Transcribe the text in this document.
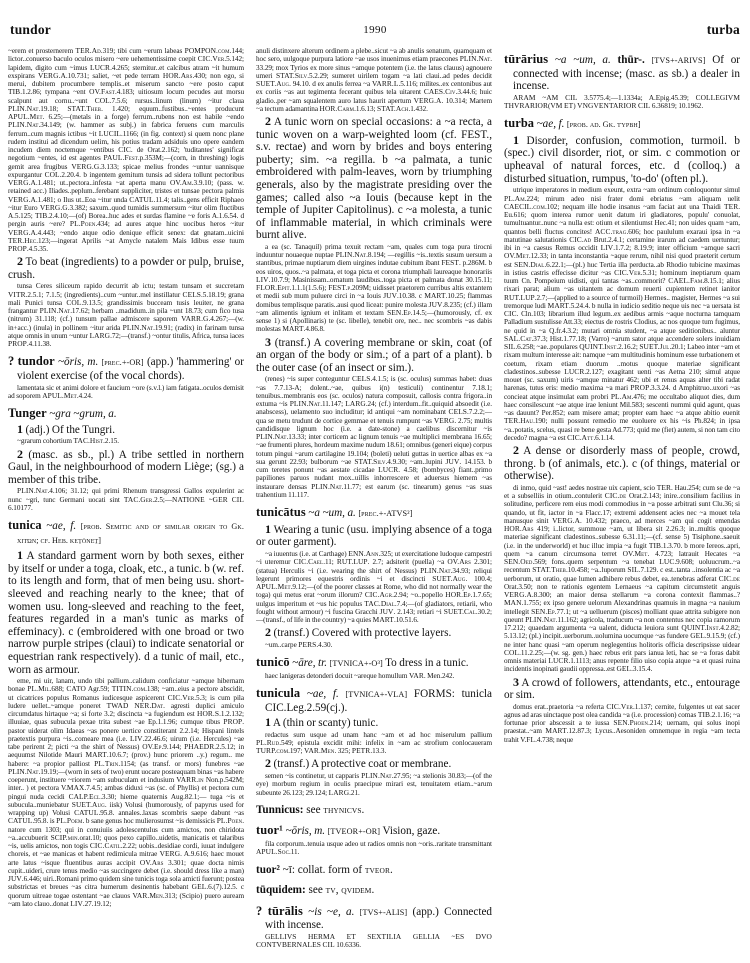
tundor	1990	turba
~erem et prosternerem TER.Ad.319; tibi cum ~erum labeas POMPON.com.144; lictor..conuerso baculo oculos misero ~ere uehementissime coepit CIC.Ver.5.142; lapidem, digito cum ~imus LUCR.4.265; sternitur..et calcibus atram ~it humum exspirans VERG.A.10.731; saliet, ~et pede terram HOR.Ars.430; non ego, si merui, dubitem procumbere templis..et miserum sancto ~ere posto caput TIB.1.2.86; tympana ~ent OV.Fast.4.183; uitiosum locum pecudes aut morsu scalpunt aut cornu..~unt COL.7.5.6; rursus..linum (linum) ~itur claua PLIN.Nat.19.18; STAT.Theb. 1.420; equum..fustibus..~entes producunt APUL.Met. 6.25;—(metals in a forge) ferrum..rubens non est habile ~endo PLIN.Nat.34.149; (w. hammer as subj.) in fabrica feruens cum marculis ferrum..cum magnis ictibus ~it LUCIL.1166; (in fig. context) si quem nonc plane rudem institui ad dicendum uelim, his potius tradam adsiduis uno opere eandem incudem diem noctemque ~entibus CIC. de Orat.2.162; 'tuditantes' significat negotium ~entes, id est agentes PAUL.Fest.p.353M;—(corn, in threshing) logis gemit area frugibus VERG.G.3.133; spicae melius frondes ~untur uannisque expurgantur COL.2.20.4. b ingentem gemitum tunsis ad sidera tollunt pectoribus VERG.A.1.481; ut..pectora..infesta ~at aperta manu OV.Am.3.9.10; (pass. w. retained acc.) Iliades..peplum..ferebant suppliciter, tristes et tunsae pectora palmis VERG.A.1.481; o Ilus ut..Eoa ~itur unda CATUL.11.4; talis..gens efficit Riphaeo ~itur Euro VERG.G.3.382; saxum..quod tumidis summersum ~itur olim fluctibus A.5.125; TIB.2.4.10;—(of) Borea..huc ades et surdas flamine ~e foris A.1.6.54. d pergin auris ~ere? PL.Poen.434; ad aures atque hinc uocibus heros ~itur VERG.A.4.443; ~endo atque odio denique efficit senex: dat gnatam..uicini TER.Hec.123;—ingerat Aprilis ~at Amycle natalem Mais Idibus esse tuum PROP.4.5.35.
2 To beat (ingredients) to a powder or pulp, bruise, crush.
tunsa Ceres siliceum rapido decurrit ab ictu; testam tunsam et succretam VITR.2.5.1; 7.1.5; (ingredients)..cum ~untur..mel instillatur CELS.5.18.19; grana mali Punici tunsa COL.9.13.5; grandissimis bucceam tusis leuiter, ne grana frangantur PLIN.Nat.17.62; herbam ..madidum..in pila ~unt 18.73; cum fico tusa (nitrum) 31.118; (cf.) tunsum pallae admiscere saporem VARR.G.4.267;—(w. in+acc.) (inula) in pollinem ~itur arida PLIN.Nat.19.91; (radix) in farinam tunsa atque omnis in unum ~untur LARG.72;—(transf.) ~ontur titulis, Africa, tunsa iaces PROP.4.11.38.
? tundor ~ōris, m. [prec.+-OR] (app.) 'hammering' or violent exercise (of the vocal chords).
lamentata sic et animi dolore et faucium ~ore (s.v.l.) iam fatigata..oculos demisit ad soporem APUL.Met.4.24.
Tunger ~gra ~grum, a.
1 (adj.) Of the Tungri.
~grarum cohortium TAC.Hist.2.15.
2 (masc. as sb., pl.) A tribe settled in northern Gaul, in the neighbourhood of modern Liège; (sg.) a member of this tribe.
PLIN.Nat.4.106; 31.12; qui primi Rhenum transgressi Gallos expulerint ac nunc ~gri, tunc Germani uocati sint TAC.Ger.2.5;—NATIONE ~GER CIL 6.10177.
tunica ~ae, f. [prob. Semitic and of similar origin to Gk. χιτών; cf. Heb. keṯōneṯ]
1 A standard garment worn by both sexes, either by itself or under a toga, cloak, etc., a tunic. b (w. ref. to its length and form, that of men being usu. short-sleeved and reaching nearly to the knee; that of women usu. long-sleeved and reaching to the feet, features regarded in a man's tunic as marks of effeminacy). c (embroidered with one broad or two narrow purple stripes (claui) to indicate senatorial or equestrian rank respectively). d a tunic of mail, etc., worn as armour.
eme, mi uir, lanam, undo tibi pallium..calidum conficiatur ~amque hibernam bonae PL.Mil.688; CATO Agr.59; TITIN.com.138; ~am..eius a pectore abscidit, ut cicatrices populus Romanus iudicesque aspicerent CIC.Ver.5.3; is cum pila ludere uellet..~amque poneret TWAD NER.Dat. agresti duplici amiculo circumdatus hirtaque ~a; si forte 3.2; discincta ~a fugiendum est HOR.S.1.2.132; illuuiae, quas subucula pexae trita subest ~ae Ep.1.1.96; cumque tibus PROP. pastor uiderat olim Idaeas ~as ponere uertice constiterant 2.2.14; Hispani lintels praetextis purpura ~is..comeare mea (i.e. LIV.22.46.6; uirum (i.e. Hercules) ~ae tabe perirent 2; picti ~a the shirt of Nessus) OV.Ep.9.144; PHAEDR.2.5.12; in aequumst Nilotide Mauri MART.10.6.7; (prov.) hunc priorem ..y.) regum.. me habere: ~a propior palliost PL.Trin.1154; (as transf. or mors) funebres ~ae PLIN.Nat.19.19;—(worn in sets of two) erunt uocare posteaquam binas ~as habere coeperunt, instituere ~riorem ~am subuculam et indusium VARR.in Non.p.542M; inter.. ) et pectora V.MAX.7.4.5; ambas diduxi ~as (sc. of Phyllis) et pectora cum pingui nuda cecidi CALP.Ecl.3.30; hieme quaternis Aug.82.1;— tuga ~is et subucula..muniebatur SUET.Aug. iisk) Volusi (humorously, of papyrus used for wrapping up) Volusi CATUL.95.8. annales..laxas scombris saepe dabunt ~as CATUL.95.8. is PL.Poem. b sane genus hoc mulierosumst ~is demissicis PL.Poen. natore cum 1303; qui in conuiuiis adolescentulus cum amictos, non chiridota ~a..accubuerit SCIP.min.orat.10; quos pexo capillo..uidetis, manicatis et talaribus ~is, uelis amictos, non togis CIC.Catil.2.22; uobis..desidiae cordi, iuuat indulgere choreis, et ~ae manicas et habent redimicula mitrae VERG. A.9.616; haec mouet arte latus ~isque fluentibus auras accipit OV.Ars 3.301; quae docta nimis cupit..uideri, crure tenus medio ~as succingere debet (i.e. should dress like a man) JUV.6.446; uiri..Romani primo quidem sine tunicis toga sola amicti fuerunt; postea substrictas et breues ~as citra humerum desinentis habebant GEL.6.(7).12.5. c quorum uitreae togae ostentant ~ae clauos VAR.Men.313; (Scipio) puero auream ~am lato clauo..donat LIV.27.19.12;
anuli distinxere alterum ordinem a plebe..sicut ~a ab anulis senatum, quamquam et hoc sero, uulgoque purpura latiore ~ae usos inuenimus etiam praecones PLIN.Nat. 33.29; mox Tyrios ex more sinus ~amque potentem (i.e. the latus clauus) agnouere umeri STAT.Silv.5.2.29; sumeret uirilem togam ~a lati claui..ad pedes decidit SUET.Aug. 94.10. d ex anulis ferrea ~a VARR.L.5.116; milites..ex centonibus aut ex coriis ~as aut tegimenta fecerant quibus tela uitarent CAES.Civ.3.44.6; huic gladio..per ~am squalentem auro latus haurit apertum VERG.A. 10.314; Martem ~a tectum adamantina HOR.Carm.1.6.13; STAT.Ach.1.432.
2 A tunic worn on special occasions: a ~a recta, a tunic woven on a warp-weighted loom (cf. FEST., s.v. rectae) and worn by brides and boys entering puberty; sim. ~a regilla. b ~a palmata, a tunic embroidered with palm-leaves, worn by triumphing generals, also by the magistrate presiding over the games; called also ~a Iouis (because kept in the temple of Jupiter Capitolinus). c ~a molesta, a tunic of inflammable material, in which criminals were burnt alive.
a ea (sc. Tanaquil) prima texuit rectam ~am, quales cum toga pura tirocni induuntur nouaeque nuptae PLIN.Nat.8.194; —regillis ~is..textis susum uersum a stantibus, primae nuptiarum diem uirgines indutae cubitum ibant FEST. p.286M. b eos uiros, quos..~a palmata, et toga picta et corona triumphali laureaque honorariis LIV.10.7.9; Masinissam..ornatum laudibus..toga picta et palmata donat 30.15.11; FLOR.Epit.1.1.1(1.5.6); FEST.p.209M; uidisset praetorem curribus altis extantem et medii sub mum puluere circi in ~a Iouis JUV.10.38. c MART.10.25; flammas domibus templisque paratis..ausi quod liceat: punire molesta JUV.8.235; (cf.) illam ~am alimentis ignium et inlitam et textam SEN.Ep.14.5;—(humorously, cf. ex sense 1) si (Apollinaris) te (sc. libelle), tenebit ore, nec.. nec scombris ~as dabis molestas MART.4.86.8.
3 (transf.) A covering membrane or skin, coat (of an organ of the body or sim.; of a part of a plant). b the outer case (of an insect or sim.).
(renes) ~is super conteguntur CELS.4.1.5; is (sc. oculus) summas habet: duas ~as 7.7.13-A; dolent..~ae, quibus i(n) testiculi) continentur 7.18.1; tenuibus..membranis eos (sc. oculos) natura composuit, callosis contra frigora..in extuma ~is PLIN.Nat.11.147; LARG.24; (cf.) interdum..fit..quiquid absoedit (i.e. anabscess), uelamento suo includitur; id antiqui ~am nominabant CELS.7.2.2;—qua se metu trudunt de cortice gemmae et tenuis rumpunt ~as VERG. 2.75; multis candidisque lignum hoc (i.e. a date-stone) a caelibus discernitur ~is PLIN.Nat.13.33; inter corticem ac lignum tenuis ~ae multiplici membrana 16.65; ~ae frumenti plures, hordeum maxime nudum 18.61; omnibus (generi eique) corpus totum pingui ~arum cartilagine 19.104; (boleti) ueluti guttas in uertice albas ex ~a sua gerunt 22.93; bulborum ~ae STAT.Silv.4.9.30; ~am..lupini JUV. 14.153. b cum teretes ponunt ~as aestate cicadae LUCR. 4.58; (bombyces) fiant..primo papiliones paruos nudant mox..uillis inhorrescere et aduersus hiemem ~as instaurare densas PLIN.Nat.11.77; est earum (sc. tinearum) genus ~as suas trahentium 11.117.
tunicātus ~a ~um, a. [prec.+-ATVS²]
1 Wearing a tunic (usu. implying absence of a toga or outer garment).
~a iuuentus (i.e. at Carthage) ENN.Ann.325; ut exercitatione ludoque campestri ~i uteremur CIC.Cael.11; RUT.LUP. 2.7; adsiterit (puella) ~a OV.Ars 2.301; (statua) Herculis ~i (i.e. wearing the shirt of Nessus) PLIN.Nat.34.93; reliqui legerunt primores equestris ordinis ~i et discincti SUET.Aug. 100.4; APUL.Met.9.12;—(of the poorer classes at Rome, who did not normally wear the toga) qui metus erat ~orum illorum? CIC.Agr.2.94; ~o..popello HOR.Ep.1.7.65; uulgus imperitum et ~us hic populus TAC.Dial.7.4;—(of gladiators, retiarii, who fought without armour) ~i fuscina Gracchi JUV. 2.143; retiari ~i SUET.Cal.30.2;—(transf., of life in the country) ~a quies MART.10.51.6.
2 (transf.) Covered with protective layers.
~um..carpe PERS.4.30.
tunicō ~āre, tr. [TVNICA+-O³] To dress in a tunic.
haec lanigeras detonderi docuit ~areque homullum VAR. Men.242.
tunicula ~ae, f. [TVNICA+-VLA] FORMS: tunicla CIC.Leg.2.59(cj.).
1 A (thin or scanty) tunic.
redactus sum usque ad unam hanc ~am et ad hoc miserulum pallium PL.Rud.549; epistula excidit mihi: infelix in ~am ac strofium conlocaueram TURP.com.197; VAR.Men. 325; PETR.13.3.
2 (transf.) A protective coat or membrane.
semen ~is continetur, ut capparis PLIN.Nat.27.95; ~a stelionis 30.83;—(of the eye) morbum regium in oculis praecipue mirari est, tenuitatem etiam..~arum subeunte 26.123; 29.124; LARG.21.
Tunnicus: see THYNICVS.
tuor¹ ~ōris, m. [TVEOR+-OR] Vision, gaze.
fila corporum..tenuia usque adeo ut radios omnis non ~oris..raritate transmittant APUL.Soc.11.
tuor² ~ī: collat. form of TVEOR.
tūquidem: see TV, QVIDEM.
? tūrālis ~is ~e, a. [TVS+-ALIS] (app.) Connected with incense.
GELLIVS HERMA ET SEXTILIA GELLIA ~ES DVO CONTVBERNALES CIL 10.6336.
tūrārius ~a ~um, a. thūr-. [TVS+-ARIVS] Of or connected with incense; (masc. as sb.) a dealer in incense.
ARAM ~AM CIL 3.5775.4;—1.1334a; A.Epig.45.39; COLLEGIVM THVRARIOR(VM ET) VNGVENTARIOR CIL 6.36819; 10.1962.
turba ~ae, f. [prob. ad. Gk. τύρβη]
1 Disorder, confusion, commotion, turmoil. b (spec.) civil disorder, riot, or sim. c commotion or upheaval of natural forces, etc. d (colloq.) a disturbed situation, rumpus, 'to-do' (often pl.).
utrique imperatores in medium exeunt, extra ~am ordinum conloquontur simul PL.Am.224; mirum adeo nisi frater domi ebriatus ~am aliquam uelit CAECIL.com.102; nequam ille hodie insanus ~am faciat aut una Thaidi TER. Eu.616; quom interea rumor uenit datum iri gladiatores, populu' conuolat, tumultuantur..nunc ~a nulla est: otium et silentiumst Hec.41; non uides quam ~am, quantos belli fluctus concites! ACC.trag.606; hoc paululum exaraui ipsa in ~a matutinae salutationis CIC.ad Brut.2.4.1; certamine irarum ad caedem uertuntur; ibi in ~a caesus Remus occidit LIV.1.7.2; 8.19.9; inter officium ~amque sacri OV.Met.12.33; in tanta inconstantia ~aque rerum, nihil nisi quod praeterit certum est SEN.Dial.6.22.1;—(pl.) huc Tertia illa perducta..ab Rhodio tubicine maximas in istius castris effecisse dicitur ~as CIC.Ver.5.31; hominum ineptiarum quam tuum Cn. Pompeium uidisti, qui tantas ~as..commorit? CAEL.Fam.8.15.1; alius rixari parat; alium ~as uitantem ac domum reuerti cupientem retinet ianitor RUT.LUP.2.7;—(applied to a source of turmoil) Hermes.. magister, Hermes ~a sui tremorque ludi MART.5.24.4. b nulla in iudicio seditio neque uis nec ~a uersata ist CIC. Cln.103; librarium illud legum..ex aedibus armis ~aque nocturna tamquam Palladium sustulisse Att.33; eiectus de rostris Clodius, ac nos quoque tum fugimus, ne quid in ~a Q.fr.4.3.2; mutari omnia student, ~a atque seditionibus.. aluntur SAL.Cat.37.3; Hist.1.77.18; (Varro) ~arum sator atque accendere solers inuidiam SIL.6.258; ~ae..populares QUINT.Inst.2.16.2; SUET.Jul.20.1; Labeo inter ~am et rixam multum interesse ait: namque ~am multitudinis hominum esse turbationem et coetum, rixam etiam duorum ..motus quoque materiae significant cladestinos..subesse LUCR.2.127; exagitant uenti ~as Aetna 210; simul atque mouet (sc. saxum) uiris ~amque minatur 462; ubi et renus aquas alter tibi radat harenas, tutus eris: medio maxima ~a mari PROP.3.3.24. d Amphitruo..uxori ~as concieat atque insimulat eam probri PL.Am.476; me occultabo aliquot dies, dum haec consilescunt ~ae atque irae leniunt Mil.583; sescenti nummi quid agunt, quas ~as dauunt? Per.852; eam misere amat; propter eam haec ~a atque abitio euenit TER.Hau.190; nulli possunt remedio me euoluere ex his ~is Ph.824; in ipsa ~a..potatis, scelus, quasi re bene gesta Ad.773; quid me (fiet) autem, si non tam cito decedo? magna ~a est CIC.Att.6.1.14.
2 A dense or disorderly mass of people, crowd, throng. b (of animals, etc.). c (of things, material or otherwise).
di inmo, quid ~ast! aedes nostrae uix capient, scio TER. Hau.254; cum se de ~a et a subselliis in otium..contulerit CIC.de Orat.2.143; inire..consilium facilius in solitudine, perficere rem eius modi commodius in ~a posse arbitrati sunt Clu.36; si quando, ut fit, iactor in ~a Flacc.17; extremi addensent acies nec ~a mouet tela manusque sinit VERG.A. 10.432; praeco, ad merces ~am qui cogit emendas HOR.Ars 419; i..lictor, summoue ~am, ut libera sit 2.26.3; in..multis quoque materiae significant cladestinos..subesse 6.31.11;—(cf. sense 5) Tisiphone..saeuit (i.e. in the underworld) et huc illuc impia ~a fugit TIB.1.3.70. b more Iereos..apri, quem ~a canum circumsona terret OV.Met. 4.723; latrauit Hecates ~a SEN.Oed.569; fons..quem serpentum ~a tenebat LUC.9.608; uoluucrum..~a recentum STAT.Theb.10.458; ~a..luporum SIL.7.129. c est..tanta ..insolentia ac ~a uerborum, ut oratio, quae lumen adhibere rebus debet, ea..tenebras adferat CIC.de Orat.3.50; non te rationis egentem Lernaeus ~a capitum circumstetit anguis VERG.A.8.300; an maior densa stellarum ~a corona contexit flammas..? MAN.1.755; ex ipso genere uelorum Alexandrinas quamuis in magna ~a nauium intellegit SEN.Ep.77.1; ut ~a uelluerum (pisces) molliant quae attrita subigere non queunt PLIN.Nat.11.162; agricola, traducum ~a non contentus nec copia ramorum 17.212; quaedam argumenta ~a ualent, diducta leuiora sunt QUINT.Inst.4.2.82; 5.13.12; (pl.) incipit..uerborum..uolumina uocumque ~as fundere GEL.9.15.9; (cf.) ne inter hanc quasi ~am operum neglegentius holitoris officia descripsisse uidear COL.11.2.25;—(w. sg. gen.) haec rebus erit pars ianua leti, hac se ~a foras dabit omnis materiai LUCR.1.1113; anus repente filio uiso copia atque ~a et quasi ruina incidentis inopinati gaudii oppressa..est GEL.3.15.4.
3 A crowd of followers, attendants, etc., entourage or sim.
domus erat..praetoria ~a referta CIC.Ver.1.137; cernite, fulgentes ut eat sacer agnus ad aras uinctaque post olea candida ~a (i.e. procession) comas TIB.2.1.16; ~a fortunae prior abscessit a te iussa SEN.Phoen.214; uernam, qui solus inopi praestat..~am MART.12.87.3; Lycus..Aesoniden omnemque in regia ~am tecta trahit V.FL.4.738; neque
